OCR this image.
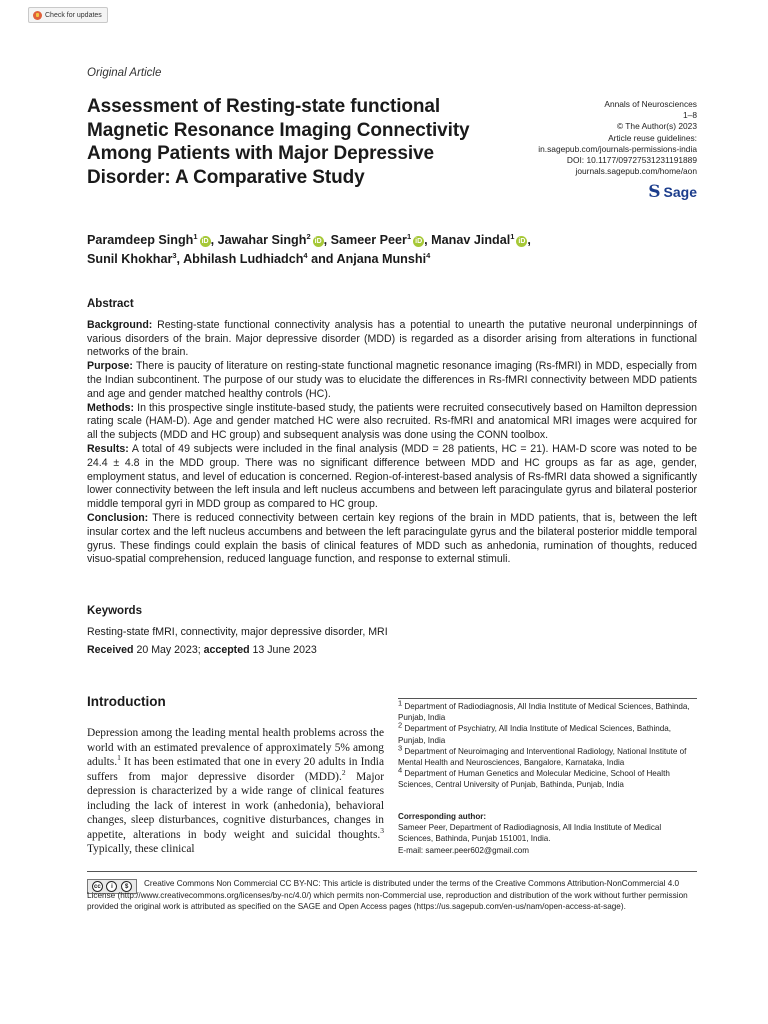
Check for updates
Original Article
Assessment of Resting-state functional Magnetic Resonance Imaging Connectivity Among Patients with Major Depressive Disorder: A Comparative Study
Annals of Neurosciences
1–8
© The Author(s) 2023
Article reuse guidelines:
in.sagepub.com/journals-permissions-india
DOI: 10.1177/09727531231191889
journals.sagepub.com/home/aon
S Sage
Paramdeep Singh$^1$iD , Jawahar Singh$^2$iD , Sameer Peer$^1$iD , Manav Jindal$^1$iD ,
Sunil Khokhar$^3$, Abhilash Ludhiadch$^4$ and Anjana Munshi$^4$
Abstract

Background: Resting-state functional connectivity analysis has a potential to unearth the putative neuronal underpinnings of various disorders of the brain. Major depressive disorder (MDD) is regarded as a disorder arising from alterations in functional networks of the brain.

Purpose: There is paucity of literature on resting-state functional magnetic resonance imaging (Rs-fMRI) in MDD, especially from the Indian subcontinent. The purpose of our study was to elucidate the differences in Rs-fMRI connectivity between MDD patients and age and gender matched healthy controls (HC).

Methods: In this prospective single institute-based study, the patients were recruited consecutively based on Hamilton depression rating scale (HAM-D). Age and gender matched HC were also recruited. Rs-fMRI and anatomical MRI images were acquired for all the subjects (MDD and HC group) and subsequent analysis was done using the CONN toolbox.

Results: A total of 49 subjects were included in the final analysis (MDD = 28 patients, HC = 21). HAM-D score was noted to be 24.4 ± 4.8 in the MDD group. There was no significant difference between MDD and HC groups as far as age, gender, employment status, and level of education is concerned. Region-of-interest-based analysis of Rs-fMRI data showed a significantly lower connectivity between the left insula and left nucleus accumbens and between left paracingulate gyrus and bilateral posterior middle temporal gyri in MDD group as compared to HC group.

Conclusion: There is reduced connectivity between certain key regions of the brain in MDD patients, that is, between the left insular cortex and the left nucleus accumbens and between the left paracingulate gyrus and the bilateral posterior middle temporal gyrus. These findings could explain the basis of clinical features of MDD such as anhedonia, rumination of thoughts, reduced visuo-spatial comprehension, reduced language function, and response to external stimuli.

Keywords
Resting-state fMRI, connectivity, major depressive disorder, MRI
Received 20 May 2023; accepted 13 June 2023
Introduction
Depression among the leading mental health problems across the world with an estimated prevalence of approximately 5% among adults.$^1$ It has been estimated that one in every 20 adults in India suffers from major depressive disorder (MDD).$^2$ Major depression is characterized by a wide range of clinical features including the lack of interest in work (anhedonia), behavioral changes, sleep disturbances, cognitive disturbances, changes in appetite, alterations in body weight and suicidal thoughts.$^3$ Typically, these clinical

$^1$ Department of Radiodiagnosis, All India Institute of Medical Sciences, Bathinda, Punjab, India

$^2$ Department of Psychiatry, All India Institute of Medical Sciences, Bathinda, Punjab, India

$^3$ Department of Neuroimaging and Interventional Radiology, National Institute of Mental Health and Neurosciences, Bangalore, Karnataka, India

$^4$ Department of Human Genetics and Molecular Medicine, School of Health Sciences, Central University of Punjab, Bathinda, Punjab, India

Corresponding author:
Sameer Peer, Department of Radiodiagnosis, All India Institute of Medical Sciences, Bathinda, Punjab 151001, India.
E-mail: sameer.peer602@gmail.com
cc	i	$	Creative Commons Non Commercial CC BY-NC: This article is distributed under the terms of the Creative Commons Attribution-NonCommercial 4.0 License (http://www.creativecommons.org/licenses/by-nc/4.0/) which permits non-Commercial use, reproduction and distribution of the work without further permission provided the original work is attributed as specified on the SAGE and Open Access pages (https://us.sagepub.com/en-us/nam/open-access-at-sage).
